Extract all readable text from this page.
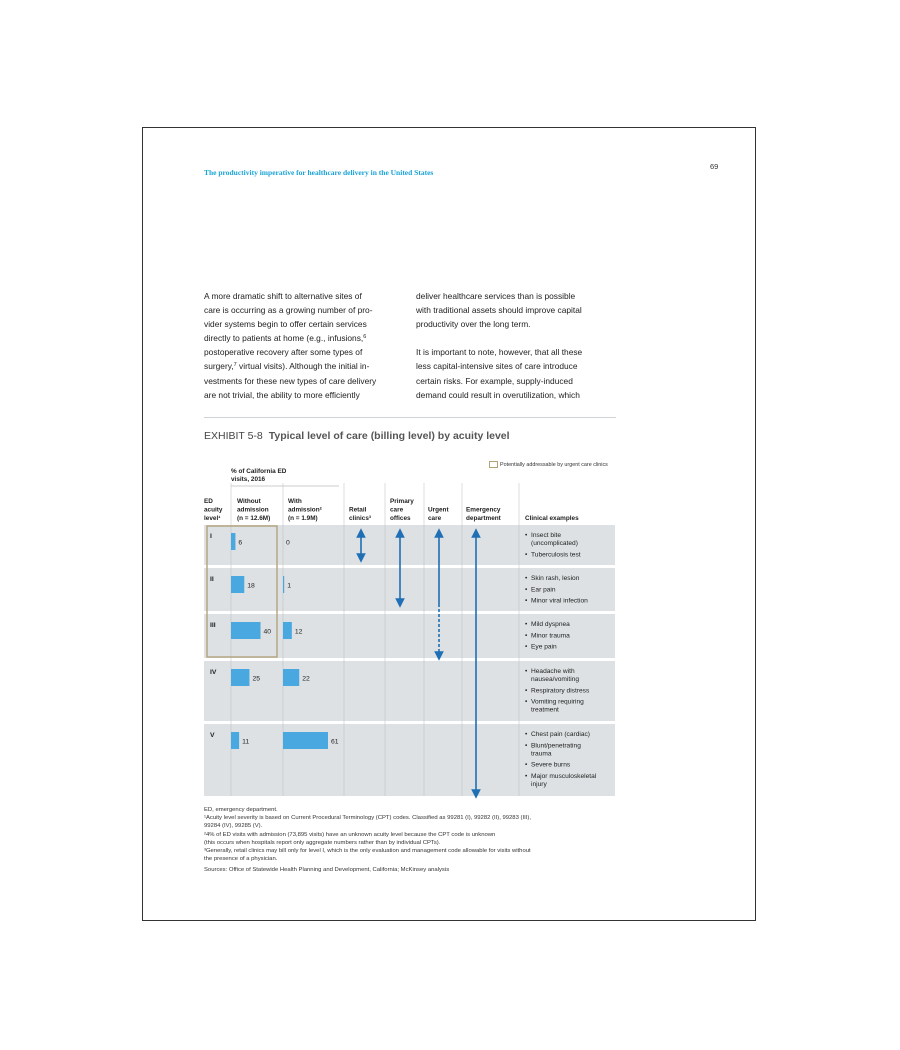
The productivity imperative for healthcare delivery in the United States
69

A more dramatic shift to alternative sites of
care is occurring as a growing number of pro-
vider systems begin to offer certain services
directly to patients at home (e.g., infusions,$^6$
postoperative recovery after some types of
surgery,$^7$ virtual visits). Although the initial in-
vestments for these new types of care delivery
are not trivial, the ability to more efficiently

deliver healthcare services than is possible
with traditional assets should improve capital
productivity over the long term.

It is important to note, however, that all these
less capital-intensive sites of care introduce
certain risks. For example, supply-induced
demand could result in overutilization, which

EXHIBIT 5-8 Typical level of care (billing level) by acuity level
Potentially addressable by urgent care clinics
% of California ED
visits, 2016
ED
acuity
level¹
Without
admission
(n = 12.6M)
With
admission²
(n = 1.9M)
Retail
clinics³
Primary
care
offices
Urgent
care
Emergency
department	Clinical examples
I
II
III
IV
V
6
18
40
25
11
0
1
12
22
61
• Insect bite
(uncomplicated)
• Tuberculosis test
• Skin rash, lesion
• Ear pain
• Minor viral infection
• Mild dyspnea
• Minor trauma
• Eye pain
• Headache with
nausea/vomiting
• Respiratory distress
• Vomiting requiring
treatment
• Chest pain (cardiac)
• Blunt/penetrating
trauma
• Severe burns
• Major musculoskeletal
injury
ED, emergency department.
¹Acuity level severity is based on Current Procedural Terminology (CPT) codes. Classified as 99281 (I), 99282 (II), 99283 (III),
99284 (IV), 99285 (V).
²4% of ED visits with admission (73,895 visits) have an unknown acuity level because the CPT code is unknown
(this occurs when hospitals report only aggregate numbers rather than by individual CPTs).
³Generally, retail clinics may bill only for level I, which is the only evaluation and management code allowable for visits without
the presence of a physician.
Sources: Office of Statewide Health Planning and Development, California; McKinsey analysis
